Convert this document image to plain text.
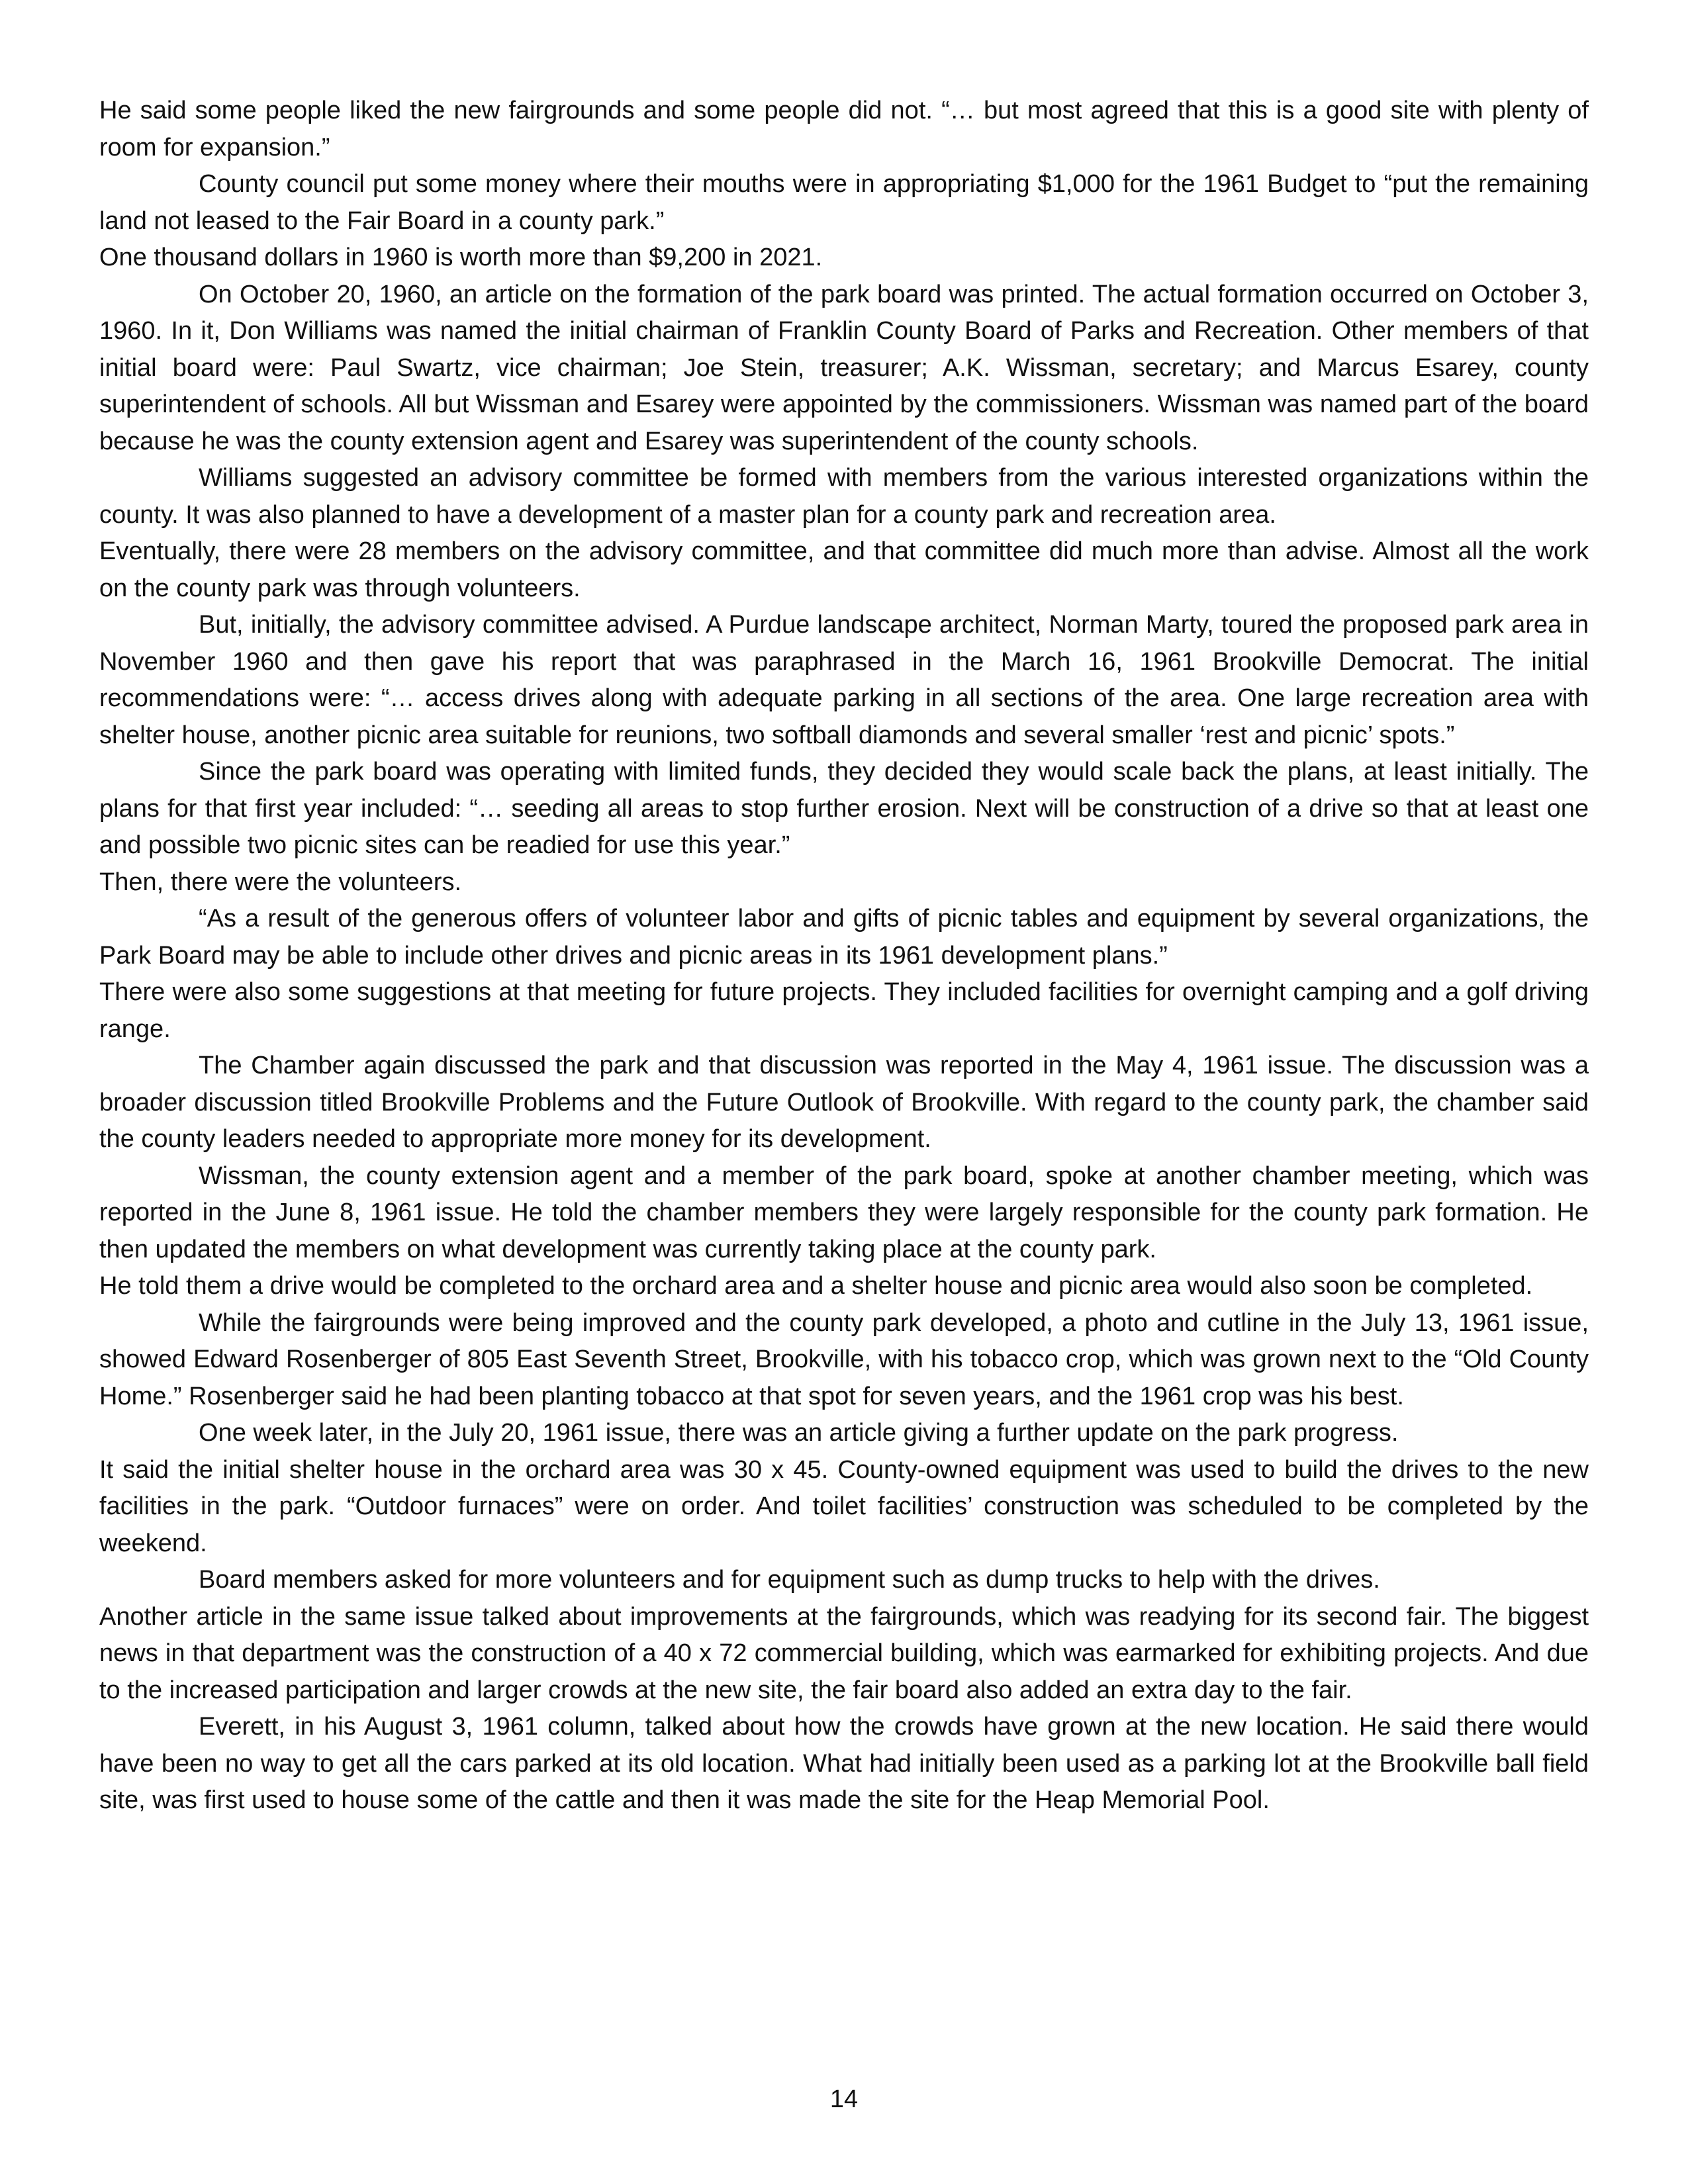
He said some people liked the new fairgrounds and some people did not. “… but most agreed that this is a good site with plenty of room for expansion.”

County council put some money where their mouths were in appropriating $1,000 for the 1961 Budget to “put the remaining land not leased to the Fair Board in a county park.”

One thousand dollars in 1960 is worth more than $9,200 in 2021.

On October 20, 1960, an article on the formation of the park board was printed. The actual formation occurred on October 3, 1960. In it, Don Williams was named the initial chairman of Franklin County Board of Parks and Recreation. Other members of that initial board were: Paul Swartz, vice chairman; Joe Stein, treasurer; A.K. Wissman, secretary; and Marcus Esarey, county superintendent of schools. All but Wissman and Esarey were appointed by the commissioners. Wissman was named part of the board because he was the county extension agent and Esarey was superintendent of the county schools.

Williams suggested an advisory committee be formed with members from the various interested organizations within the county. It was also planned to have a development of a master plan for a county park and recreation area.

Eventually, there were 28 members on the advisory committee, and that committee did much more than advise. Almost all the work on the county park was through volunteers.

But, initially, the advisory committee advised. A Purdue landscape architect, Norman Marty, toured the proposed park area in November 1960 and then gave his report that was paraphrased in the March 16, 1961 Brookville Democrat. The initial recommendations were: “… access drives along with adequate parking in all sections of the area. One large recreation area with shelter house, another picnic area suitable for reunions, two softball diamonds and several smaller ‘rest and picnic’ spots.”

Since the park board was operating with limited funds, they decided they would scale back the plans, at least initially. The plans for that first year included: “… seeding all areas to stop further erosion. Next will be construction of a drive so that at least one and possible two picnic sites can be readied for use this year.”

Then, there were the volunteers.

“As a result of the generous offers of volunteer labor and gifts of picnic tables and equipment by several organizations, the Park Board may be able to include other drives and picnic areas in its 1961 development plans.”

There were also some suggestions at that meeting for future projects. They included facilities for overnight camping and a golf driving range.

The Chamber again discussed the park and that discussion was reported in the May 4, 1961 issue. The discussion was a broader discussion titled Brookville Problems and the Future Outlook of Brookville. With regard to the county park, the chamber said the county leaders needed to appropriate more money for its development.

Wissman, the county extension agent and a member of the park board, spoke at another chamber meeting, which was reported in the June 8, 1961 issue. He told the chamber members they were largely responsible for the county park formation. He then updated the members on what development was currently taking place at the county park.

He told them a drive would be completed to the orchard area and a shelter house and picnic area would also soon be completed.

While the fairgrounds were being improved and the county park developed, a photo and cutline in the July 13, 1961 issue, showed Edward Rosenberger of 805 East Seventh Street, Brookville, with his tobacco crop, which was grown next to the “Old County Home.” Rosenberger said he had been planting tobacco at that spot for seven years, and the 1961 crop was his best.

One week later, in the July 20, 1961 issue, there was an article giving a further update on the park progress.

It said the initial shelter house in the orchard area was 30 x 45. County-owned equipment was used to build the drives to the new facilities in the park. “Outdoor furnaces” were on order. And toilet facilities’ construction was scheduled to be completed by the weekend.

Board members asked for more volunteers and for equipment such as dump trucks to help with the drives.

Another article in the same issue talked about improvements at the fairgrounds, which was readying for its second fair. The biggest news in that department was the construction of a 40 x 72 commercial building, which was earmarked for exhibiting projects. And due to the increased participation and larger crowds at the new site, the fair board also added an extra day to the fair.

Everett, in his August 3, 1961 column, talked about how the crowds have grown at the new location. He said there would have been no way to get all the cars parked at its old location. What had initially been used as a parking lot at the Brookville ball field site, was first used to house some of the cattle and then it was made the site for the Heap Memorial Pool.

14
